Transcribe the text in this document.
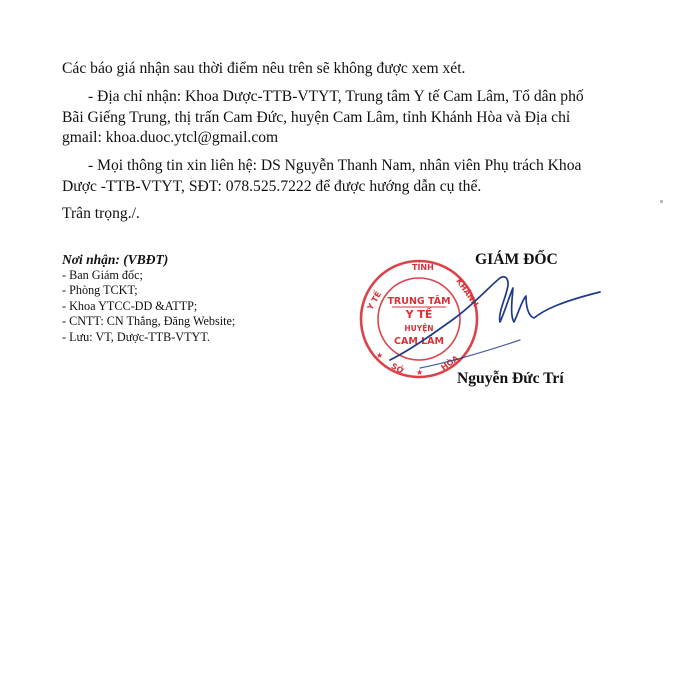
Các báo giá nhận sau thời điểm nêu trên sẽ không được xem xét.
- Địa chỉ nhận: Khoa Dược-TTB-VTYT, Trung tâm Y tế Cam Lâm, Tổ dân phố
Bãi Giếng Trung, thị trấn Cam Đức, huyện Cam Lâm, tỉnh Khánh Hòa và Địa chỉ
gmail: khoa.duoc.ytcl@gmail.com
- Mọi thông tin xin liên hệ: DS Nguyễn Thanh Nam, nhân viên Phụ trách Khoa
Dược -TTB-VTYT, SĐT: 078.525.7222 để được hướng dẫn cụ thể.
Trân trọng./.
Nơi nhận: (VBĐT)
- Ban Giám đốc;
- Phòng TCKT;
- Khoa YTCC-DD &ATTP;
- CNTT: CN Thắng, Đăng Website;
- Lưu: VT, Dược-TTB-VTYT.
GIÁM ĐỐC
★
★
Y TẾ
TỈNH
KHÁNH
SỞ	HÒA
TRUNG TÂM
Y TẾ
HUYỆN
CAM LÂM
Nguyễn Đức Trí
